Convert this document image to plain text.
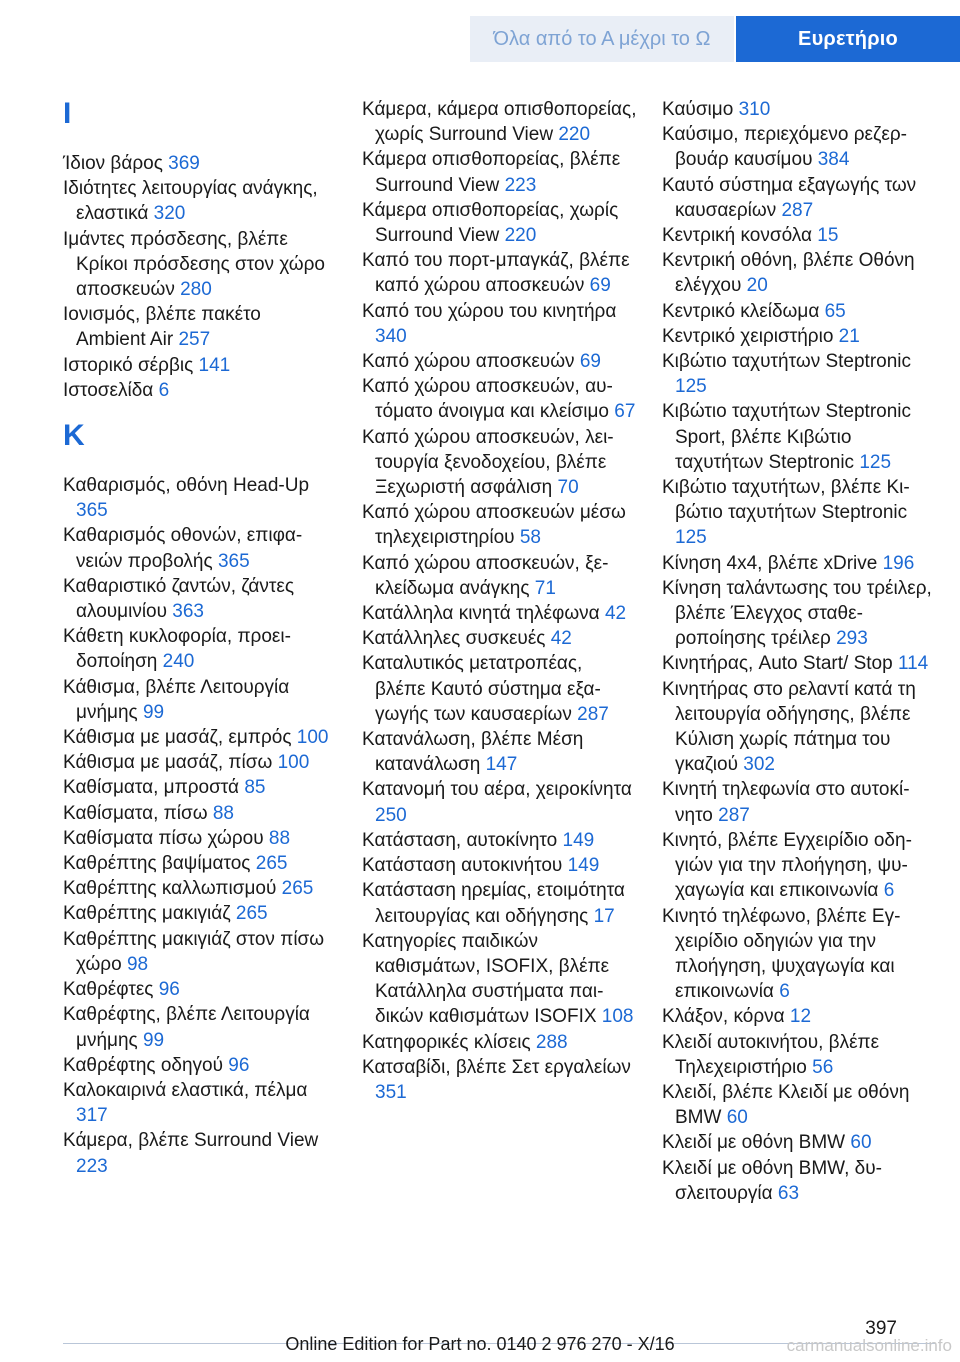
Όλα από το Α μέχρι το Ω	Ευρετήριο
I

Ίδιον βάρος 369

Ιδιότητες λειτουργίας ανάγκης, ελαστικά 320

Ιμάντες πρόσδεσης, βλέπε Κρίκοι πρόσδεσης στον χώρο αποσκευών 280

Ιονισμός, βλέπε πακέτο Ambient Air 257

Ιστορικό σέρβις 141

Ιστοσελίδα 6

K

Καθαρισμός, οθόνη Head-Up 365

Καθαρισμός οθονών, επιφανειών προβολής 365

Καθαριστικό ζαντών, ζάντες αλουμινίου 363

Κάθετη κυκλοφορία, προειδοποίηση 240

Κάθισμα, βλέπε Λειτουργία μνήμης 99

Κάθισμα με μασάζ, εμπρός 100

Κάθισμα με μασάζ, πίσω 100

Καθίσματα, μπροστά 85

Καθίσματα, πίσω 88

Καθίσματα πίσω χώρου 88

Καθρέπτης βαψίματος 265

Καθρέπτης καλλωπισμού 265

Καθρέπτης μακιγιάζ 265

Καθρέπτης μακιγιάζ στον πίσω χώρο 98

Καθρέφτες 96

Καθρέφτης, βλέπε Λειτουργία μνήμης 99

Καθρέφτης οδηγού 96

Καλοκαιρινά ελαστικά, πέλμα 317

Κάμερα, βλέπε Surround View 223

Κάμερα, κάμερα οπισθοπορείας, χωρίς Surround View 220

Κάμερα οπισθοπορείας, βλέπε Surround View 223

Κάμερα οπισθοπορείας, χωρίς Surround View 220

Καπό του πορτ-μπαγκάζ, βλέπε καπό χώρου αποσκευών 69

Καπό του χώρου του κινητήρα 340

Καπό χώρου αποσκευών 69

Καπό χώρου αποσκευών, αυτόματο άνοιγμα και κλείσιμο 67

Καπό χώρου αποσκευών, λειτουργία ξενοδοχείου, βλέπε Ξεχωριστή ασφάλιση 70

Καπό χώρου αποσκευών μέσω τηλεχειριστηρίου 58

Καπό χώρου αποσκευών, ξεκλείδωμα ανάγκης 71

Κατάλληλα κινητά τηλέφωνα 42

Κατάλληλες συσκευές 42

Καταλυτικός μετατροπέας, βλέπε Καυτό σύστημα εξαγωγής των καυσαερίων 287

Κατανάλωση, βλέπε Μέση κατανάλωση 147

Κατανομή του αέρα, χειροκίνητα 250

Κατάσταση, αυτοκίνητο 149

Κατάσταση αυτοκινήτου 149

Κατάσταση ηρεμίας, ετοιμότητα λειτουργίας και οδήγησης 17

Κατηγορίες παιδικών καθισμάτων, ISOFIX, βλέπε Κατάλληλα συστήματα παιδικών καθισμάτων ISOFIX 108

Κατηφορικές κλίσεις 288

Κατσαβίδι, βλέπε Σετ εργαλείων 351

Καύσιμο 310

Καύσιμο, περιεχόμενο ρεζερβουάρ καυσίμου 384

Καυτό σύστημα εξαγωγής των καυσαερίων 287

Κεντρική κονσόλα 15

Κεντρική οθόνη, βλέπε Οθόνη ελέγχου 20

Κεντρικό κλείδωμα 65

Κεντρικό χειριστήριο 21

Κιβώτιο ταχυτήτων Steptronic 125

Κιβώτιο ταχυτήτων Steptronic Sport, βλέπε Κιβώτιο ταχυτήτων Steptronic 125

Κιβώτιο ταχυτήτων, βλέπε Κιβώτιο ταχυτήτων Steptronic 125

Κίνηση 4x4, βλέπε xDrive 196

Κίνηση ταλάντωσης του τρέιλερ, βλέπε Έλεγχος σταθεροποίησης τρέιλερ 293

Κινητήρας, Auto Start/ Stop 114

Κινητήρας στο ρελαντί κατά τη λειτουργία οδήγησης, βλέπε Κύλιση χωρίς πάτημα του γκαζιού 302

Κινητή τηλεφωνία στο αυτοκίνητο 287

Κινητό, βλέπε Εγχειρίδιο οδηγιών για την πλοήγηση, ψυχαγωγία και επικοινωνία 6

Κινητό τηλέφωνο, βλέπε Εγχειρίδιο οδηγιών για την πλοήγηση, ψυχαγωγία και επικοινωνία 6

Κλάξον, κόρνα 12

Κλειδί αυτοκινήτου, βλέπε Τηλεχειριστήριο 56

Κλειδί, βλέπε Κλειδί με οθόνη BMW 60

Κλειδί με οθόνη BMW 60

Κλειδί με οθόνη BMW, δυσλειτουργία 63

397
Online Edition for Part no. 0140 2 976 270 - X/16	carmanualsonline.info
